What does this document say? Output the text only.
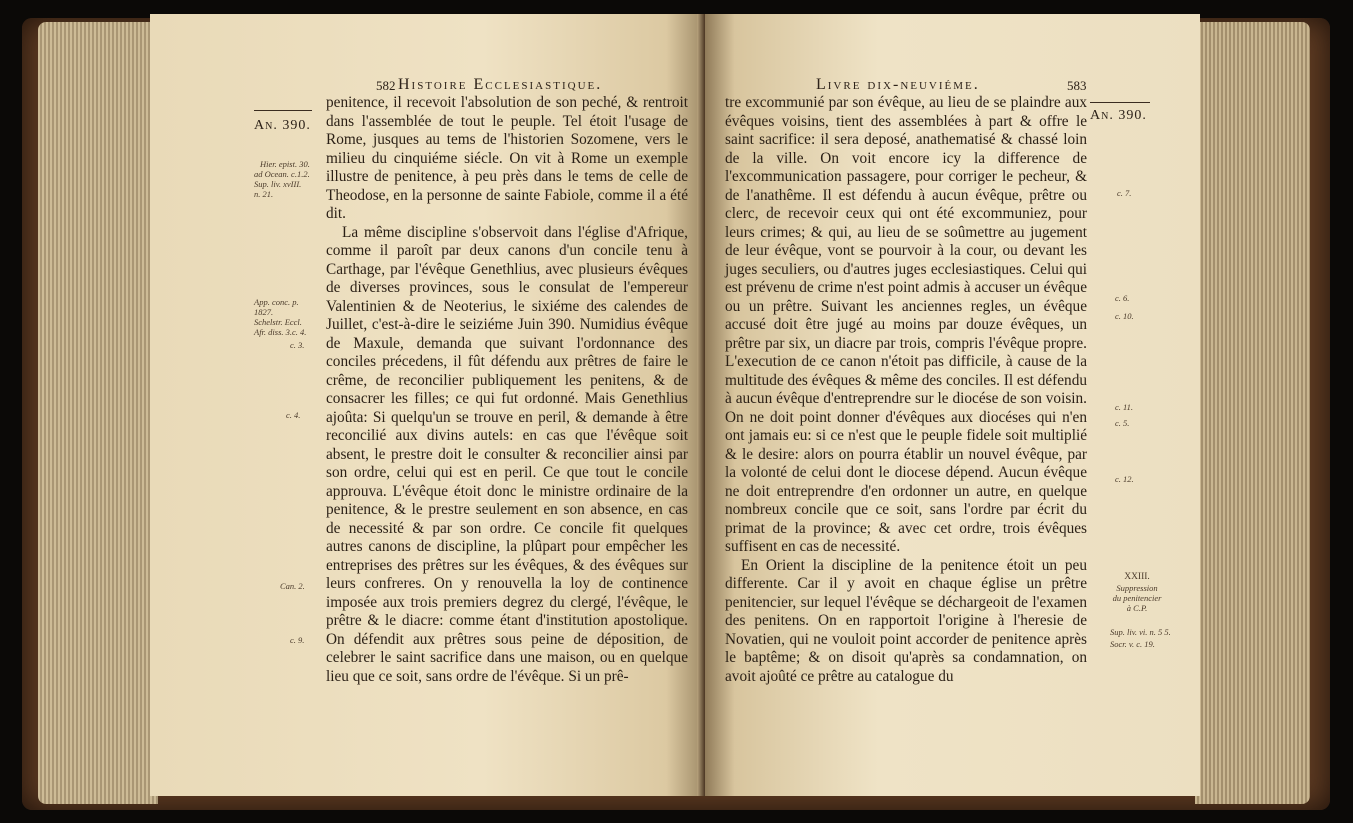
582 Histoire Ecclesiastique.
An. 390.
Hier. epist. 30.
ad Ocean. c.1.2.
Sup. liv. xvIII.
n. 21.
App. conc. p.
1827.
Schelstr. Eccl.
Afr. diss. 3.c. 4.
c. 3.
c. 4.
Can. 2.
c. 9.

penitence, il recevoit l'absolution de son peché, & rentroit dans l'assemblée de tout le peuple. Tel étoit l'usage de Rome, jusques au tems de l'historien Sozomene, vers le milieu du cinquiéme siécle. On vit à Rome un exemple illustre de penitence, à peu près dans le tems de celle de Theodose, en la personne de sainte Fabiole, comme il a été dit.

La même discipline s'observoit dans l'église d'Afrique, comme il paroît par deux canons d'un concile tenu à Carthage, par l'évêque Genethlius, avec plusieurs évêques de diverses provinces, sous le consulat de l'empereur Valentinien & de Neoterius, le sixiéme des calendes de Juillet, c'est-à-dire le seiziéme Juin 390. Numidius évêque de Maxule, demanda que suivant l'ordonnance des conciles précedens, il fût défendu aux prêtres de faire le crême, de reconcilier publiquement les penitens, & de consacrer les filles; ce qui fut ordonné. Mais Genethlius ajoûta: Si quelqu'un se trouve en peril, & demande à être reconcilié aux divins autels: en cas que l'évêque soit absent, le prestre doit le consulter & reconcilier ainsi par son ordre, celui qui est en peril. Ce que tout le concile approuva. L'évêque étoit donc le ministre ordinaire de la penitence, & le prestre seulement en son absence, en cas de necessité & par son ordre. Ce concile fit quelques autres canons de discipline, la plûpart pour empêcher les entreprises des prêtres sur les évêques, & des évêques sur leurs confreres. On y renouvella la loy de continence imposée aux trois premiers degrez du clergé, l'évêque, le prêtre & le diacre: comme étant d'institution apostolique. On défendit aux prêtres sous peine de déposition, de celebrer le saint sacrifice dans une maison, ou en quelque lieu que ce soit, sans ordre de l'évêque. Si un prê-

Livre dix-neuviéme.	583
An. 390.
c. 7.
c. 6.
c. 10.
c. 11.
c. 5.
c. 12.
XXIII.
Suppression
du penitencier
à C.P.
Sup. liv. vi. n. 5 5.
Socr. v. c. 19.

tre excommunié par son évêque, au lieu de se plaindre aux évêques voisins, tient des assemblées à part & offre le saint sacrifice: il sera deposé, anathematisé & chassé loin de la ville. On voit encore icy la difference de l'excommunication passagere, pour corriger le pecheur, & de l'anathême. Il est défendu à aucun évêque, prêtre ou clerc, de recevoir ceux qui ont été excommuniez, pour leurs crimes; & qui, au lieu de se soûmettre au jugement de leur évêque, vont se pourvoir à la cour, ou devant les juges seculiers, ou d'autres juges ecclesiastiques. Celui qui est prévenu de crime n'est point admis à accuser un évêque ou un prêtre. Suivant les anciennes regles, un évêque accusé doit être jugé au moins par douze évêques, un prêtre par six, un diacre par trois, compris l'évêque propre. L'execution de ce canon n'étoit pas difficile, à cause de la multitude des évêques & même des conciles. Il est défendu à aucun évêque d'entreprendre sur le diocése de son voisin. On ne doit point donner d'évêques aux diocéses qui n'en ont jamais eu: si ce n'est que le peuple fidele soit multiplié & le desire: alors on pourra établir un nouvel évêque, par la volonté de celui dont le diocese dépend. Aucun évêque ne doit entreprendre d'en ordonner un autre, en quelque nombreux concile que ce soit, sans l'ordre par écrit du primat de la province; & avec cet ordre, trois évêques suffisent en cas de necessité.

En Orient la discipline de la penitence étoit un peu differente. Car il y avoit en chaque église un prêtre penitencier, sur lequel l'évêque se déchargeoit de l'examen des penitens. On en rapportoit l'origine à l'heresie de Novatien, qui ne vouloit point accorder de penitence après le baptême; & on disoit qu'après sa condamnation, on avoit ajoûté ce prêtre au catalogue du
